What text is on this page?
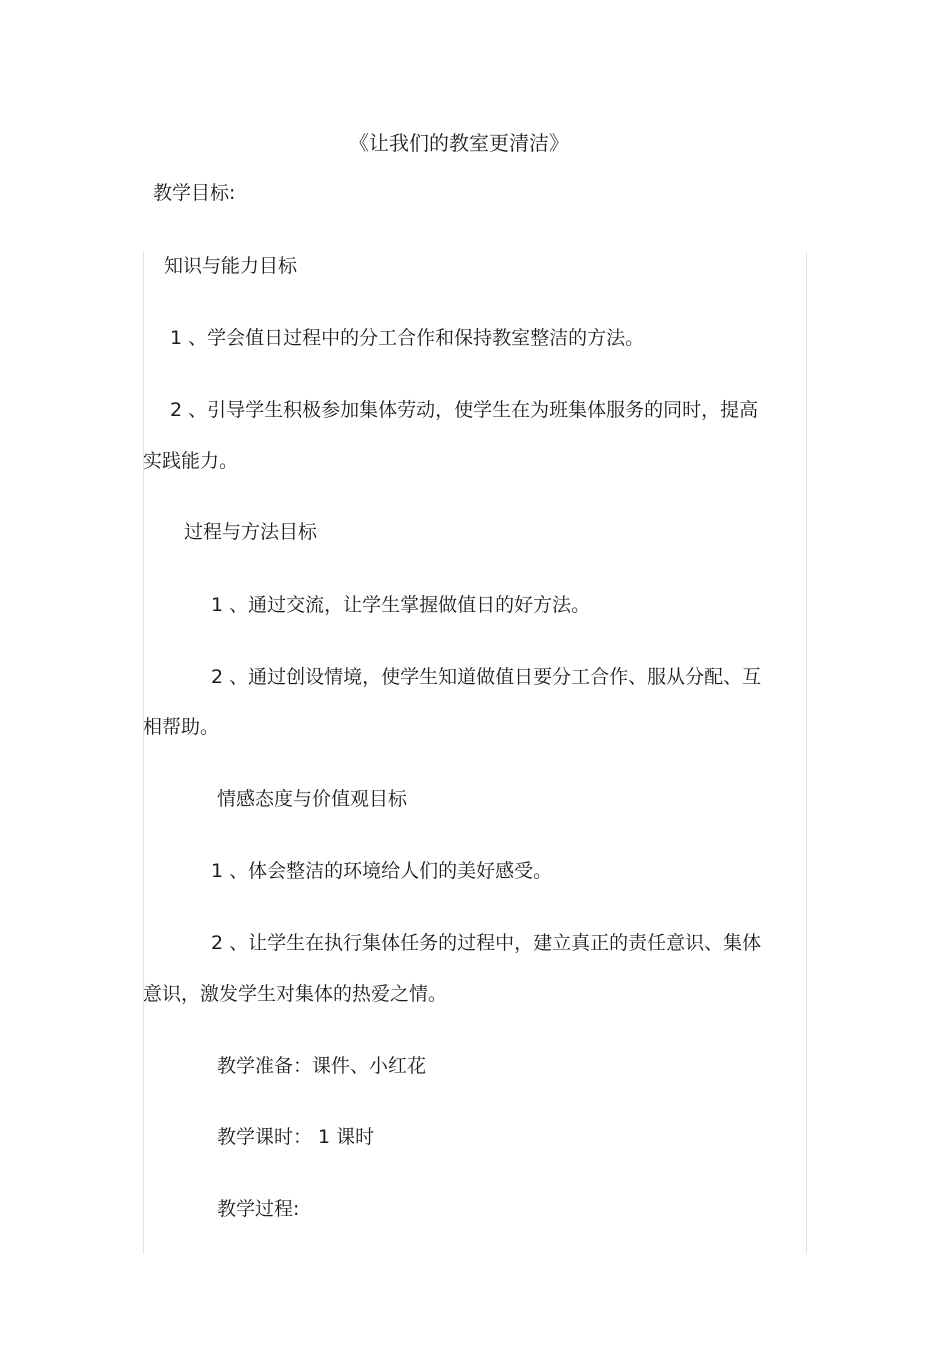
《让我们的教室更清洁》
教学目标:
知识与能力目标
1 、学会值日过程中的分工合作和保持教室整洁的方法。
2 、引导学生积极参加集体劳动，使学生在为班集体服务的同时，提高
实践能力。
过程与方法目标
1 、通过交流，让学生掌握做值日的好方法。
2 、通过创设情境，使学生知道做值日要分工合作、服从分配、互
相帮助。
情感态度与价值观目标
1 、体会整洁的环境给人们的美好感受。
2 、让学生在执行集体任务的过程中，建立真正的责任意识、集体
意识，激发学生对集体的热爱之情。
教学准备：课件、小红花
教学课时： 1 课时
教学过程:
